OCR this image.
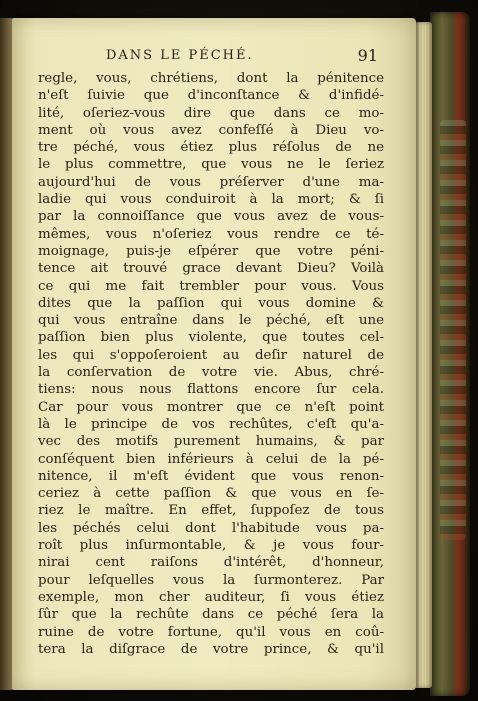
DANS LE PÉCHÉ.	91
regle, vous, chrétiens, dont la pénitence
n'eſt ſuivie que d'inconſtance & d'infidé-
lité, oſeriez-vous dire que dans ce mo-
ment où vous avez confeſſé à Dieu vo-
tre péché, vous étiez plus réſolus de ne
le plus commettre, que vous ne le ſeriez
aujourd'hui de vous préſerver d'une ma-
ladie qui vous conduiroit à la mort; & ſi
par la connoiſſance que vous avez de vous-
mêmes, vous n'oſeriez vous rendre ce té-
moignage, puis-je eſpérer que votre péni-
tence ait trouvé grace devant Dieu? Voilà
ce qui me fait trembler pour vous. Vous
dites que la paſſion qui vous domine &
qui vous entraîne dans le péché, eſt une
paſſion bien plus violente, que toutes cel-
les qui s'oppoſeroient au deſir naturel de
la conſervation de votre vie. Abus, chré-
tiens: nous nous flattons encore ſur cela.
Car pour vous montrer que ce n'eſt point
là le principe de vos rechûtes, c'eſt qu'a-
vec des motifs purement humains, & par
conſéquent bien inférieurs à celui de la pé-
nitence, il m'eſt évident que vous renon-
ceriez à cette paſſion & que vous en ſe-
riez le maître. En effet, ſuppoſez de tous
les péchés celui dont l'habitude vous pa-
roît plus inſurmontable, & je vous four-
nirai cent raiſons d'intérêt, d'honneur,
pour leſquelles vous la ſurmonterez. Par
exemple, mon cher auditeur, ſi vous étiez
ſûr que la rechûte dans ce péché ſera la
ruine de votre fortune, qu'il vous en coû-
tera la diſgrace de votre prince, & qu'il
